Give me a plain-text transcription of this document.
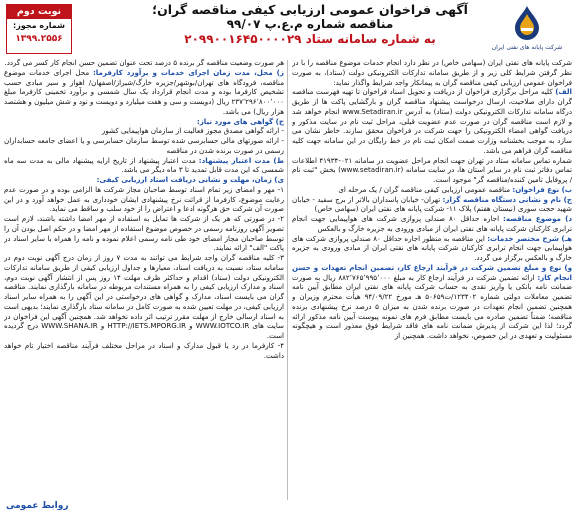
شرکت پایانه های نفتی ایران
آگهی فراخوان عمومی ارزیابی کیفی مناقصه گران؛
مناقصه شماره م.ع.پ ۹۹/۰۷
به شماره سامانه ستاد ۲۰۹۹۰۰۱۶۴۵۰۰۰۰۲۹
نوبت دوم
شماره مجوز:
۱۳۹۹.۲۵۵۶

شرکت پایانه های نفتی ایران (سهامی خاص) در نظر دارد انجام خدمات موضوع مناقصه را با در نظر گرفتن شرایط کلی زیر و از طریق سامانه تدارکات الکترونیکی دولت (ستاد)، به صورت فراخوان عمومی ارزیابی کیفی مناقصه گران به پیمانکار واجد شرایط واگذار نماید:

الف) کلیه مراحل برگزاری فراخوان از دریافت و تحویل اسناد فراخوان تا تهیه فهرست مناقصه گران دارای صلاحیت، ارسال درخواست پیشنهاد مناقصه گران و بارگشایی پاکت ها از طریق درگاه سامانه تدارکات الکترونیکی دولت (ستاد) به آدرس www.Setadiran.ir انجام خواهد شد و لازم است مناقصه گران در صورت عدم عضویت قبلی، مراحل ثبت نام در سایت مذکور و دریافت گواهی امضاء الکترونیکی را جهت شرکت در فراخوان محقق سازند. خاطر نشان می سازد به موجب بخشنامه وزارت صمت امکان ثبت نام در خط رایگان در این سامانه جهت کلیه مناقصه گران فراهم می باشد.

شماره تماس سامانه ستاد در تهران جهت انجام مراحل عضویت در سامانه ۰۲۱-۴۱۹۳۴ اطلاعات تماس دفاتر ثبت نام در سایر استان ها، در سایت سامانه (www.setadiran.ir) بخش "ثبت نام / پروفایل تامین کننده/مناقصه گر" موجود است.

ب) نوع فراخوان: مناقصه عمومی ارزیابی کیفی مناقصه گران / یک مرحله ای

ج) نام و نشانی دستگاه مناقصه گزار: تهران- خیابان پاسداران بالاتر از برج سفید - خیابان شهید حجت سوری (نیستان هفتم) پلاک ۱۱- شرکت پایانه های نفتی ایران (سهامی خاص)

د) موضوع مناقصه: اجاره حداقل ۸۰ صندلی پروازی شرکت های هواپیمایی جهت انجام ترابری کارکنان شرکت پایانه های نفتی ایران از مبادی ورودی به جزیره خارگ و بالعکس

هـ) شرح مختصر خدمات: این مناقصه به منظور اجاره حداقل ۸۰ صندلی پروازی شرکت های هواپیمایی جهت انجام ترابری کارکنان شرکت پایانه های نفتی ایران از مبادی ورودی به جزیره خارگ و بالعکس برگزار می گردد.

و) نوع و مبلغ تضمین شرکت در فرآیند ارجاع کار، تضمین انجام تعهدات و حسن انجام کار: ارائه تضمین شرکت در فرآیند ارجاع کار به مبلغ ۸۸۲٬۷۶۵٬۹۹۵٬۰۰۰ ریال به صورت ضمانت نامه بانکی یا واریز نقدی به حساب شرکت پایانه های نفتی ایران مطابق آیین نامه تضمین معاملات دولتی شماره ۱۲۳۴۰۲/ت۵۰۶۵۹ هـ مورخ ۹۴/۰۹/۲۲ هیأت محترم وزیران و همچنین تضمین انجام تعهدات در صورت برنده شدن به میزان ۵ درصد نرخ پیشنهادی برنده مناقصه؛ ضمناً تضمین صادره می بایست مطابق فرم های نمونه پیوست آیین نامه مذکور ارائه گردد؛ لذا این شرکت از پذیرش ضمانت نامه های فاقد شرایط فوق معذور است و هیچگونه مسئولیت و تعهدی در این خصوص، نخواهد داشت. همچنین از

هر صورت وضعیت مناقصه گر برنده ۵ درصد تحت عنوان تضمین حسن انجام کار کسر می گردد.

ز) محل، مدت زمان اجرای خدمات و برآورد کارفرما: محل اجرای خدمات موضوع مناقصه، فرودگاه های تهران/بوشهر/جزیره خارگ/شیراز/اصفهان/ اهواز و سیر مبادی حسب تشخیص کارفرما بوده و مدت انجام قرارداد یک سال شمسی و برآورد تخمینی کارفرما مبلغ ۲۳۷٬۲۹۶٬۸۰۰٬۰۰۰ ریال (دویست و سی و هفت میلیارد و دویست و نود و شش میلیون و هشتصد هزار ریال) می باشد.

ح) گواهی های مورد نیاز:

- ارائه گواهی مصدق مجوز فعالیت از سازمان هواپیمایی کشور

- ارائه صورتهای مالی حسابرسی شده توسط سازمان حسابرسی و یا اعضای جامعه حسابداران رسمی در صورت برنده شدن در مناقصه

ط) مدت اعتبار پیشنهاد: مدت اعتبار پیشنهاد از تاریخ ارایه پیشنهاد مالی به مدت سه ماه شمسی که این مدت قابل تمدید تا ۳ ماه دیگر می باشد.

ی) زمان، مهلت و نشانی دریافت اسناد ارزیابی کیفی:

۱- مهر و امضای زیر تمام اسناد توسط صاحبان مجاز شرکت ها الزامی بوده و در صورت عدم رعایت موضوع، کارفرما از قرائت نرخ پیشنهادی ایشان خودداری به عمل خواهد آورد و در این صورت آن شرکت حق هرگونه ادعا و اعتراض را از خود سلب و ساقط می نماید.

۲- در صورتی که هر یک از شرکت ها تمایل به استفاده از مهر امضا داشته باشند، لازم است تصویر آگهی روزنامه رسمی در خصوص موضوع استفاده از مهر امضا و در حکم اصل بودن آن را توسط صاحبان مجاز امضای خود طی نامه رسمی اعلام نموده و نامه را همراه با سایر اسناد در پاکت "الف" ارائه نمایند.

۳- کلیه مناقصه گران واجد شرایط می توانند به مدت ۷ روز از زمان درج آگهی نوبت دوم در سامانه ستاد، نسبت به دریافت اسناد، معیارها و جداول ارزیابی کیفی از طریق سامانه تدارکات الکترونیکی دولت (ستاد) اقدام و حداکثر ظرف مهلت ۱۴ روز پس از انتشار آگهی نوبت دوم، اسناد و مدارک ارزیابی کیفی را به همراه مستندات مربوطه در سامانه بارگذاری نمایند. مناقصه گران می بایست اسناد، مدارک و گواهی های درخواستی در این آگهی را به همراه سایر اسناد ارزیابی کیفی، در مهلت تعیین شده به صورت کامل در سامانه ستاد بارگذاری نمایند؛ بدیهی است به اسناد ارسالی خارج از مهلت مقرر ترتیب اثر داده نخواهد شد. همچنین آگهی این فراخوان در سایت های WWW.IOTCO.IR و HTTP://IETS.MPORG.IR و WWW.SHANA.IR درج گردیده است.

۴- کارفرما در رد یا قبول مدارک و اسناد در مراحل مختلف فرآیند مناقصه اختیار تام خواهد داشت.

روابط عمومی
